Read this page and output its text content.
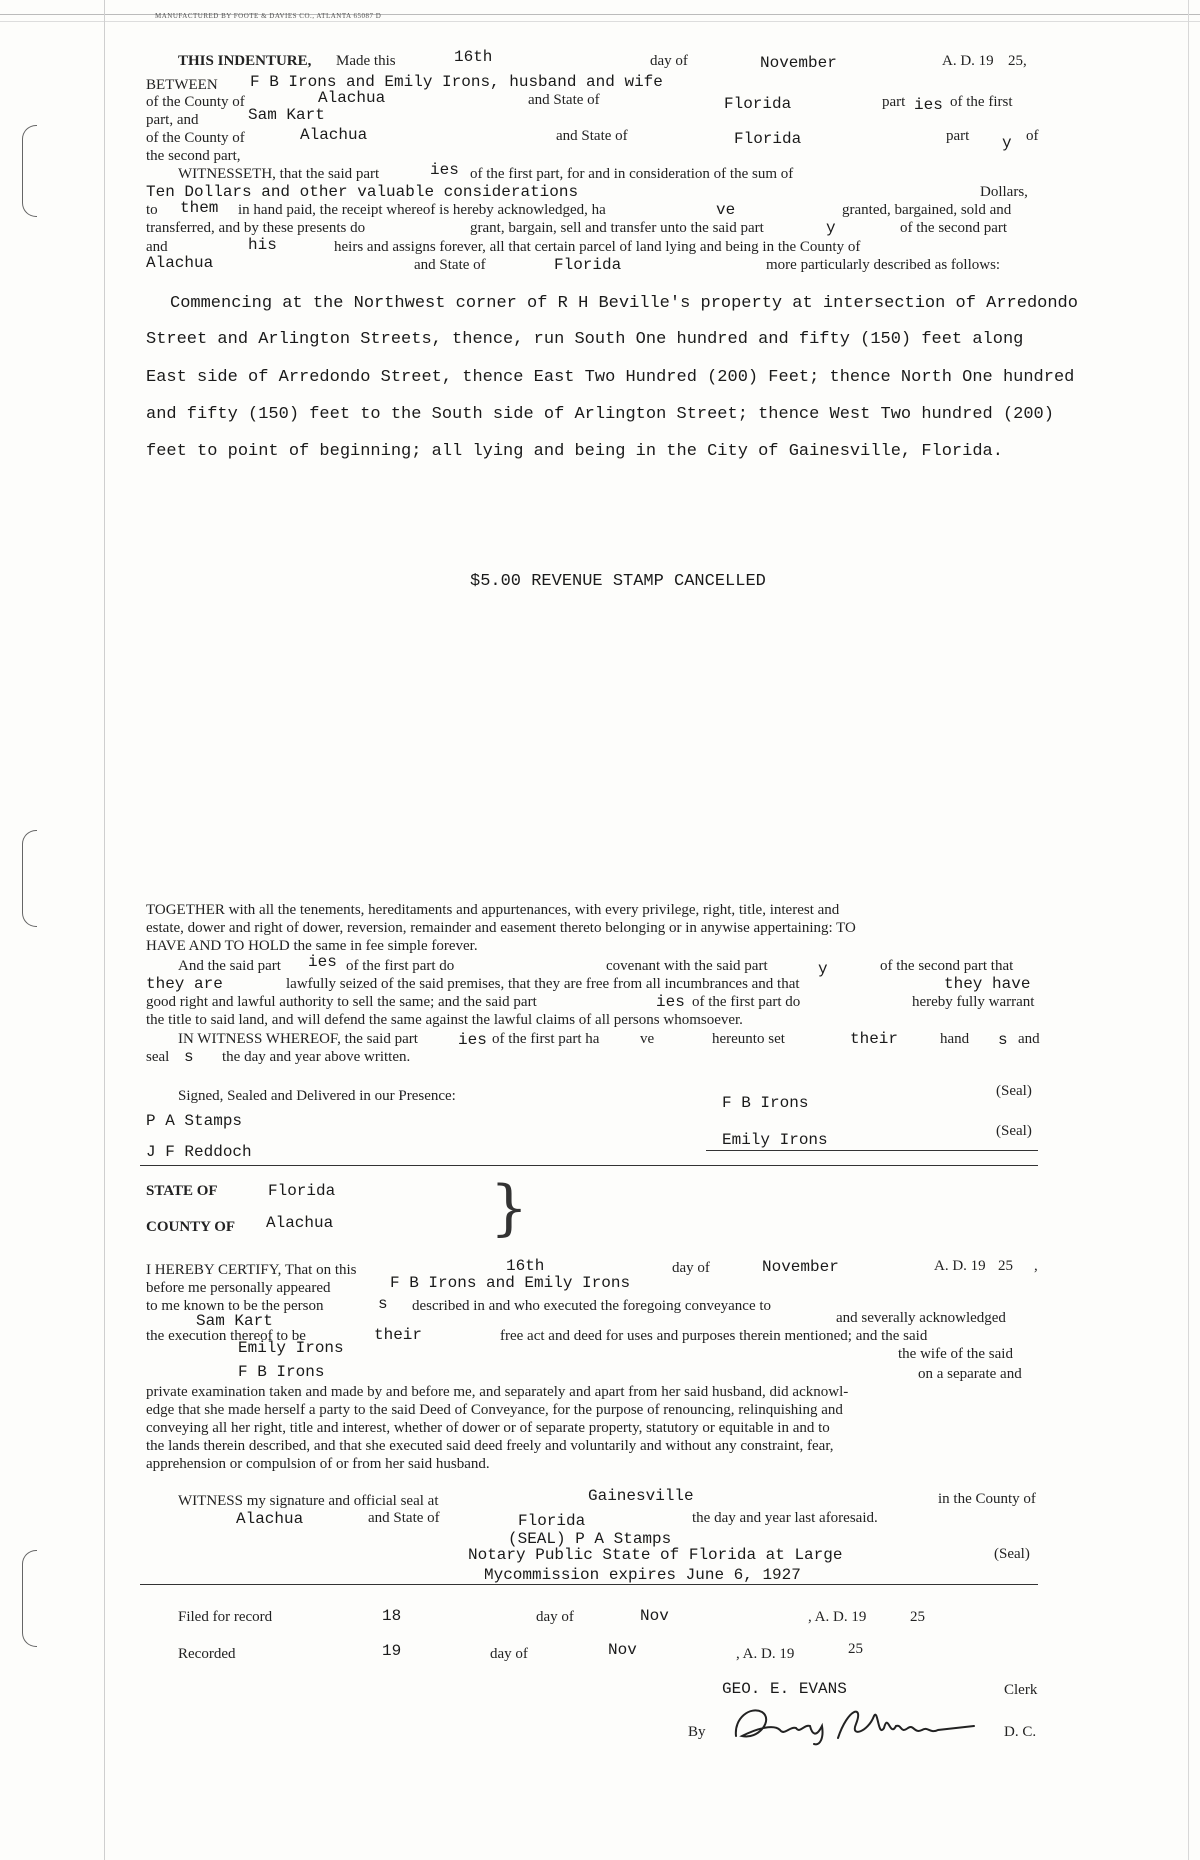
MANUFACTURED BY FOOTE & DAVIES CO., ATLANTA 65087 D
THIS INDENTURE, Made this	16th	day of	November	A. D. 19 25,
BETWEEN F B Irons and Emily Irons, husband and wife
of the County of	Alachua	and State of	Florida	part ies of the first
part, and	Sam Kart
of the County of	Alachua	and State of	Florida	part y of
the second part,
WITNESSETH, that the said part	ies of the first part, for and in consideration of the sum of
Ten Dollars and other valuable considerations	Dollars,
to them in hand paid, the receipt whereof is hereby acknowledged, ha	ve	granted, bargained, sold and
transferred, and by these presents do	grant, bargain, sell and transfer unto the said part	y	of the second part
and	his	heirs and assigns forever, all that certain parcel of land lying and being in the County of
Alachua	and State of	Florida	more particularly described as follows:
Commencing at the Northwest corner of R H Beville's property at intersection of Arredondo
Street and Arlington Streets, thence, run South One hundred and fifty (150) feet along
East side of Arredondo Street, thence East Two Hundred (200) Feet; thence North One hundred
and fifty (150) feet to the South side of Arlington Street; thence West Two hundred (200)
feet to point of beginning; all lying and being in the City of Gainesville, Florida.
$5.00 REVENUE STAMP CANCELLED
TOGETHER with all the tenements, hereditaments and appurtenances, with every privilege, right, title, interest and
estate, dower and right of dower, reversion, remainder and easement thereto belonging or in anywise appertaining: TO
HAVE AND TO HOLD the same in fee simple forever.
And the said part ies of the first part do	covenant with the said part	y	of the second part that
they are	lawfully seized of the said premises, that they are free from all incumbrances and that	they have
good right and lawful authority to sell the same; and the said part	ies of the first part do	hereby fully warrant
the title to said land, and will defend the same against the lawful claims of all persons whomsoever.
IN WITNESS WHEREOF, the said part	ies of the first part ha	ve	hereunto set	their	hand s and
seal s the day and year above written.
Signed, Sealed and Delivered in our Presence:	F B Irons
(Seal)
P A Stamps
Emily Irons	(Seal)
J F Reddoch
STATE OF	Florida
COUNTY OF Alachua	}
I HEREBY CERTIFY, That on this	16th	day of	November	A. D. 19 25 ,
before me personally appeared	F B Irons and Emily Irons
to me known to be the person	s described in and who executed the foregoing conveyance to
Sam Kart	and severally acknowledged
the execution thereof to be	their	free act and deed for uses and purposes therein mentioned; and the said
Emily Irons	the wife of the said
F B Irons	on a separate and
private examination taken and made by and before me, and separately and apart from her said husband, did acknowl-
edge that she made herself a party to the said Deed of Conveyance, for the purpose of renouncing, relinquishing and
conveying all her right, title and interest, whether of dower or of separate property, statutory or equitable in and to
the lands therein described, and that she executed said deed freely and voluntarily and without any constraint, fear,
apprehension or compulsion of or from her said husband.
WITNESS my signature and official seal at	Gainesville	in the County of
Alachua	and State of	Florida	the day and year last aforesaid.
(SEAL) P A Stamps
Notary Public State of Florida at Large	(Seal)
Mycommission expires June 6, 1927
Filed for record	18	day of	Nov	, A. D. 19	25
Recorded	19	day of	Nov	, A. D. 19	25
GEO. E. EVANS	Clerk
By	D. C.
